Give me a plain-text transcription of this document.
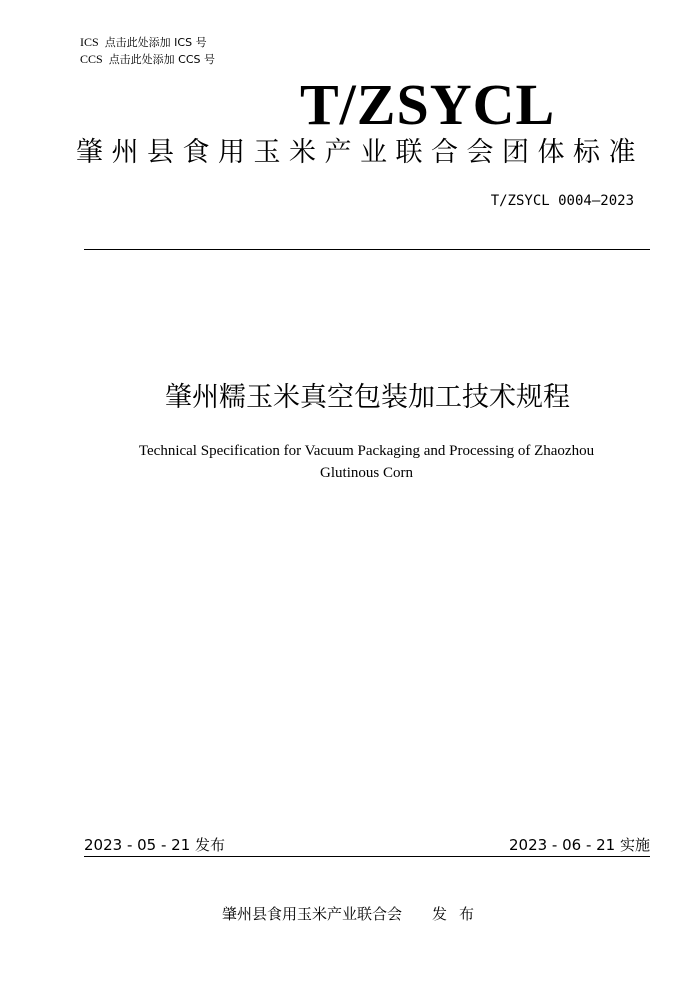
ICS 点击此处添加 ICS 号
CCS 点击此处添加 CCS 号
T/ZSYCL
肇州县食用玉米产业联合会团体标准
T/ZSYCL 0004—2023
肇州糯玉米真空包装加工技术规程
Technical Specification for Vacuum Packaging and Processing of Zhaozhou
Glutinous Corn
2023 - 05 - 21 发布	2023 - 06 - 21 实施
肇州县食用玉米产业联合会 发布
